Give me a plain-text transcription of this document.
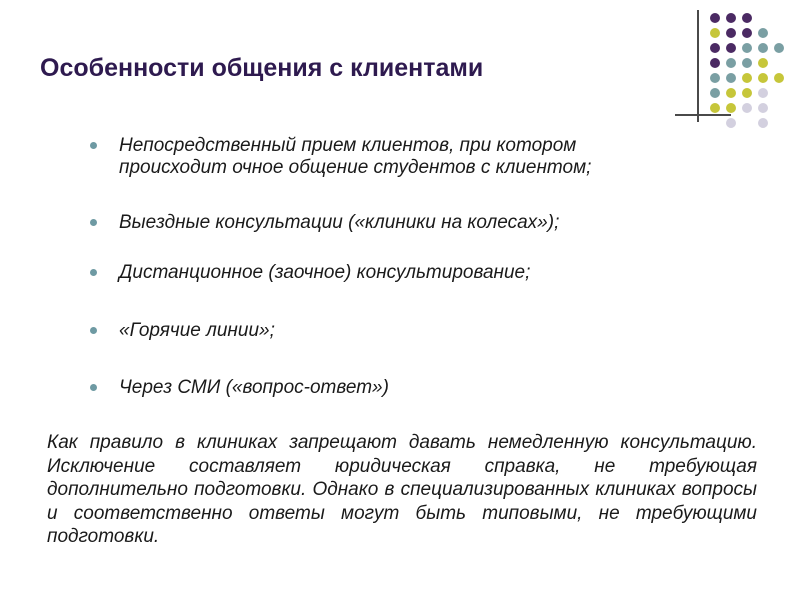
Особенности общения с клиентами
Непосредственный прием клиентов, при котором происходит очное общение студентов с клиентом;
Выездные консультации («клиники на колесах»);
Дистанционное (заочное) консультирование;
«Горячие линии»;
Через СМИ («вопрос-ответ»)

Как правило в клиниках запрещают давать немедленную консультацию. Исключение составляет юридическая справка, не требующая дополнительно подготовки. Однако в специализированных клиниках вопросы и соответственно ответы могут быть типовыми, не требующими подготовки.
